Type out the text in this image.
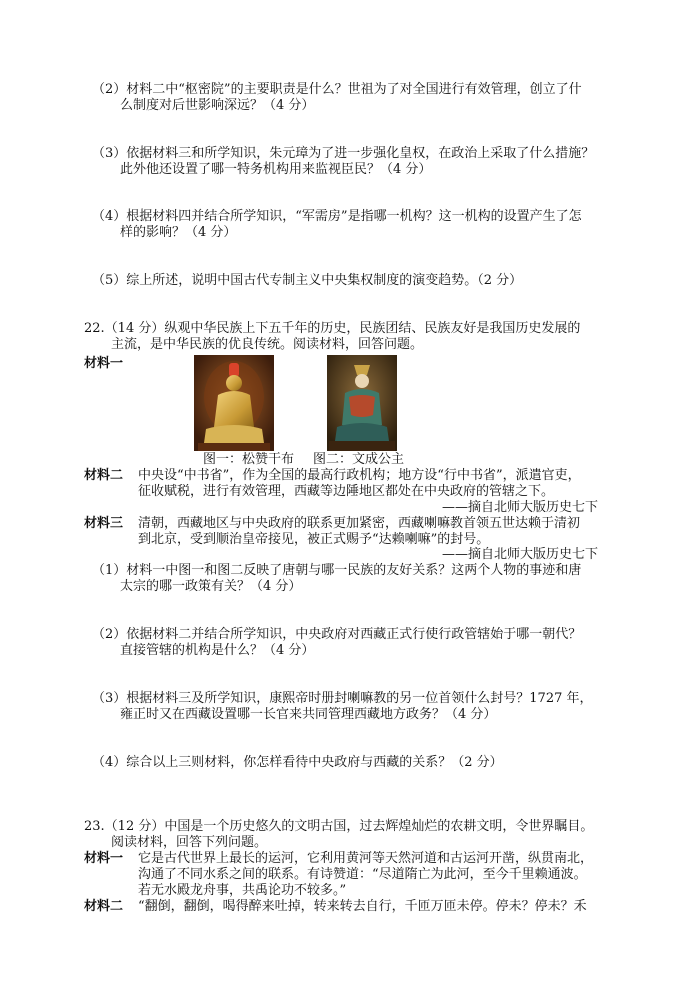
（2）材料二中“枢密院”的主要职责是什么？世祖为了对全国进行有效管理，创立了什
么制度对后世影响深远？（4 分）
（3）依据材料三和所学知识，朱元璋为了进一步强化皇权，在政治上采取了什么措施？
此外他还设置了哪一特务机构用来监视臣民？（4 分）
（4）根据材料四并结合所学知识，“军需房”是指哪一机构？这一机构的设置产生了怎
样的影响？（4 分）
（5）综上所述，说明中国古代专制主义中央集权制度的演变趋势。（2 分）
22.（14 分）纵观中华民族上下五千年的历史，民族团结、民族友好是我国历史发展的
主流，是中华民族的优良传统。阅读材料，回答问题。
材料一
图一：松赞干布 图二：文成公主
材料二 中央设“中书省”，作为全国的最高行政机构；地方设“行中书省”，派遣官吏，
征收赋税，进行有效管理，西藏等边陲地区都处在中央政府的管辖之下。
——摘自北师大版历史七下
材料三 清朝，西藏地区与中央政府的联系更加紧密，西藏喇嘛教首领五世达赖于清初
到北京，受到顺治皇帝接见，被正式赐予“达赖喇嘛”的封号。
——摘自北师大版历史七下
（1）材料一中图一和图二反映了唐朝与哪一民族的友好关系？这两个人物的事迹和唐
太宗的哪一政策有关？（4 分）
（2）依据材料二并结合所学知识，中央政府对西藏正式行使行政管辖始于哪一朝代？
直接管辖的机构是什么？（4 分）
（3）根据材料三及所学知识，康熙帝时册封喇嘛教的另一位首领什么封号？1727 年，
雍正时又在西藏设置哪一长官来共同管理西藏地方政务？（4 分）
（4）综合以上三则材料，你怎样看待中央政府与西藏的关系？（2 分）
23.（12 分）中国是一个历史悠久的文明古国，过去辉煌灿烂的农耕文明，令世界瞩目。
阅读材料，回答下列问题。
材料一 它是古代世界上最长的运河，它利用黄河等天然河道和古运河开凿，纵贯南北，
沟通了不同水系之间的联系。有诗赞道：“尽道隋亡为此河，至今千里赖通波。
若无水殿龙舟事，共禹论功不较多。”
材料二 “翻倒，翻倒，喝得醉来吐掉，转来转去自行，千匝万匝未停。停未？停未？禾
